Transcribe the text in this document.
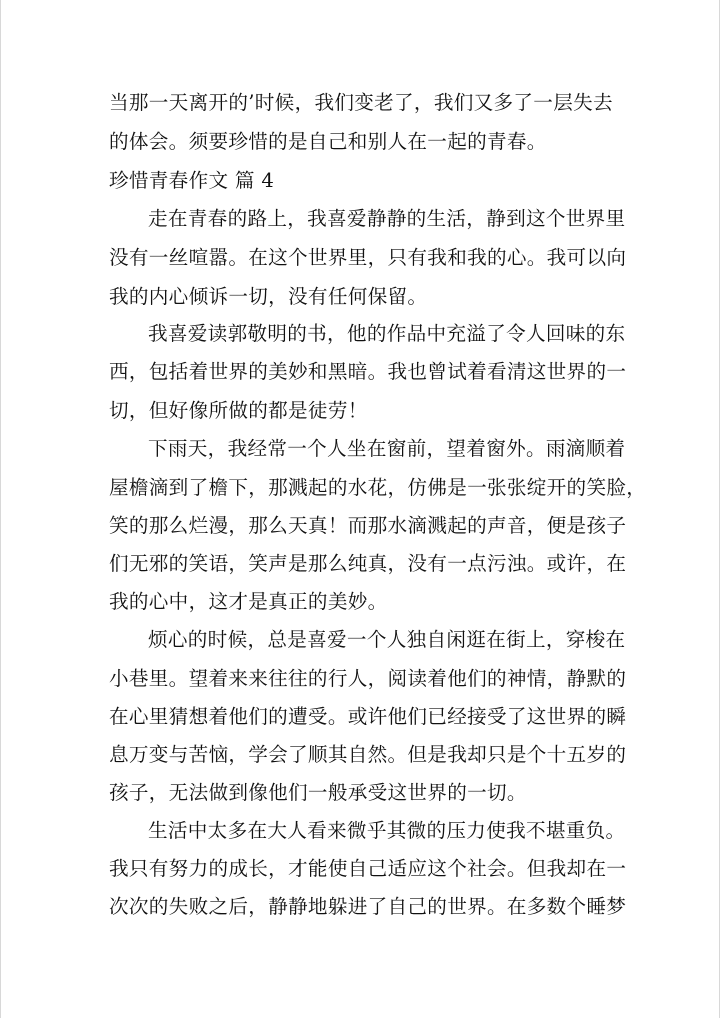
当那一天离开的’时候，我们变老了，我们又多了一层失去
的体会。须要珍惜的是自己和别人在一起的青春。
珍惜青春作文 篇 4
走在青春的路上，我喜爱静静的生活，静到这个世界里
没有一丝喧嚣。在这个世界里，只有我和我的心。我可以向
我的内心倾诉一切，没有任何保留。
我喜爱读郭敬明的书，他的作品中充溢了令人回味的东
西，包括着世界的美妙和黑暗。我也曾试着看清这世界的一
切，但好像所做的都是徒劳！
下雨天，我经常一个人坐在窗前，望着窗外。雨滴顺着
屋檐滴到了檐下，那溅起的水花，仿佛是一张张绽开的笑脸，
笑的那么烂漫，那么天真！而那水滴溅起的声音，便是孩子
们无邪的笑语，笑声是那么纯真，没有一点污浊。或许，在
我的心中，这才是真正的美妙。
烦心的时候，总是喜爱一个人独自闲逛在街上，穿梭在
小巷里。望着来来往往的行人，阅读着他们的神情，静默的
在心里猜想着他们的遭受。或许他们已经接受了这世界的瞬
息万变与苦恼，学会了顺其自然。但是我却只是个十五岁的
孩子，无法做到像他们一般承受这世界的一切。
生活中太多在大人看来微乎其微的压力使我不堪重负。
我只有努力的成长，才能使自己适应这个社会。但我却在一
次次的失败之后，静静地躲进了自己的世界。在多数个睡梦
